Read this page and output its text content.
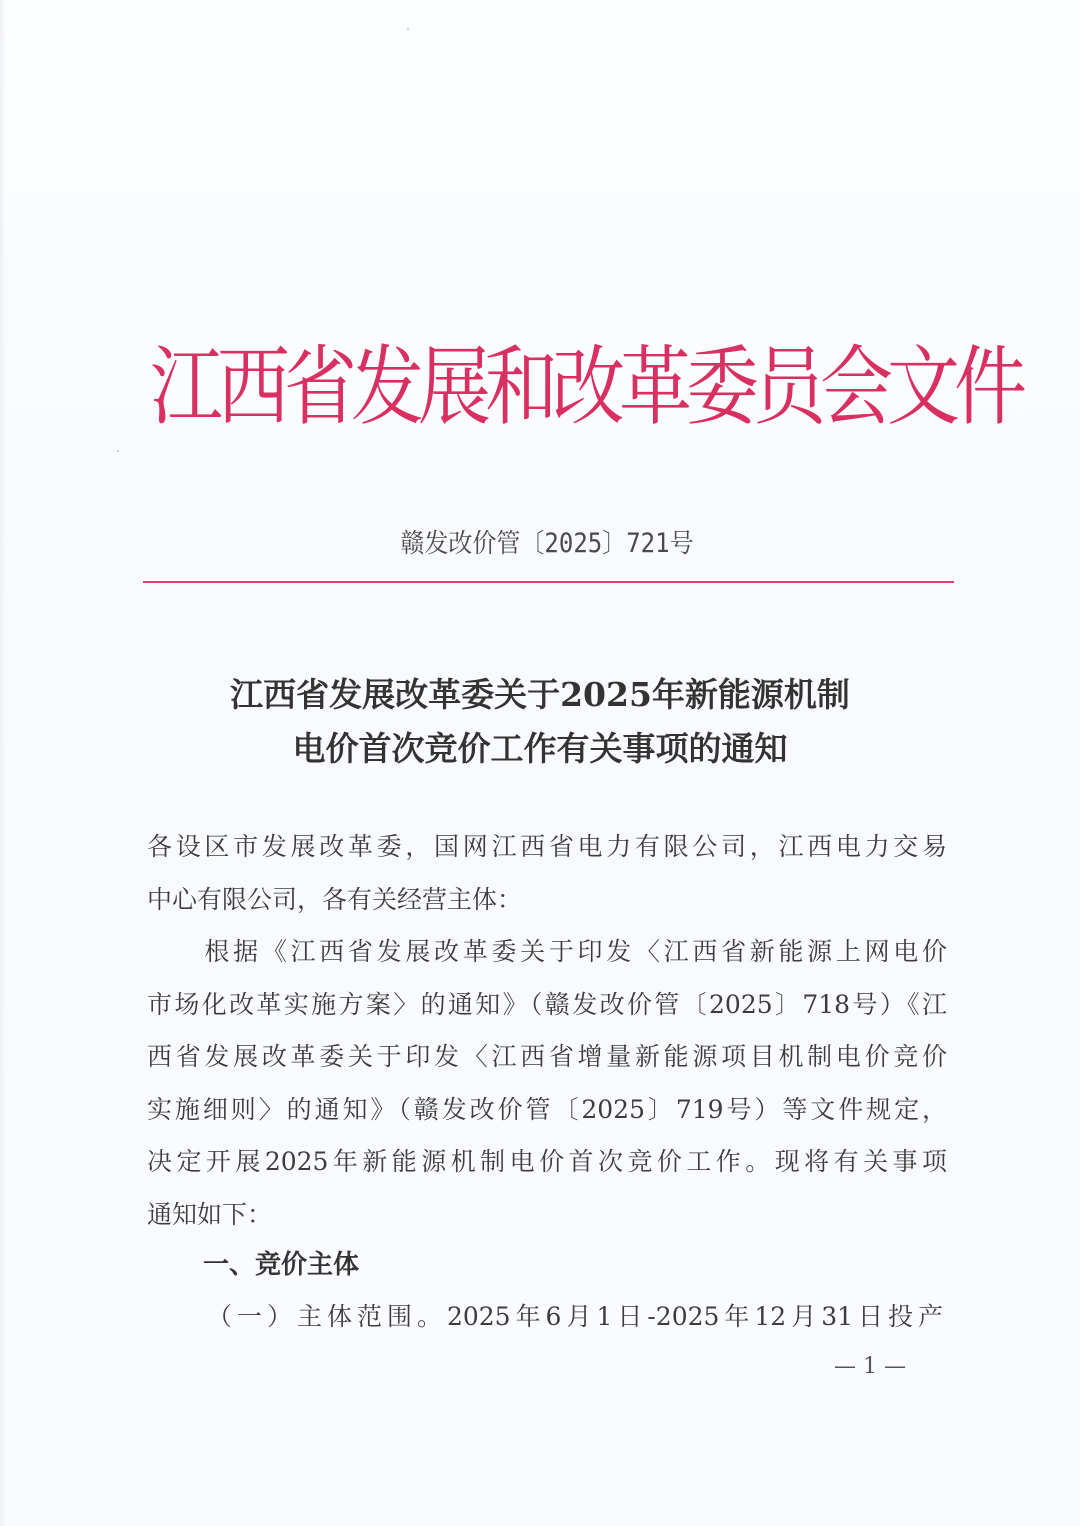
江西省发展和改革委员会文件
赣发改价管〔2025〕721号
江西省发展改革委关于2025年新能源机制
电价首次竞价工作有关事项的通知
各设区市发展改革委，国网江西省电力有限公司，江西电力交易
中心有限公司，各有关经营主体：
　　根据《江西省发展改革委关于印发〈江西省新能源上网电价
市场化改革实施方案〉的通知》（赣发改价管〔2025〕718号）《江
西省发展改革委关于印发〈江西省增量新能源项目机制电价竞价
实施细则〉的通知》（赣发改价管〔2025〕719号）等文件规定，
决定开展2025年新能源机制电价首次竞价工作。现将有关事项
通知如下：
一、竞价主体
（一）主体范围。2025年6月1日-2025年12月31日投产
— 1 —
